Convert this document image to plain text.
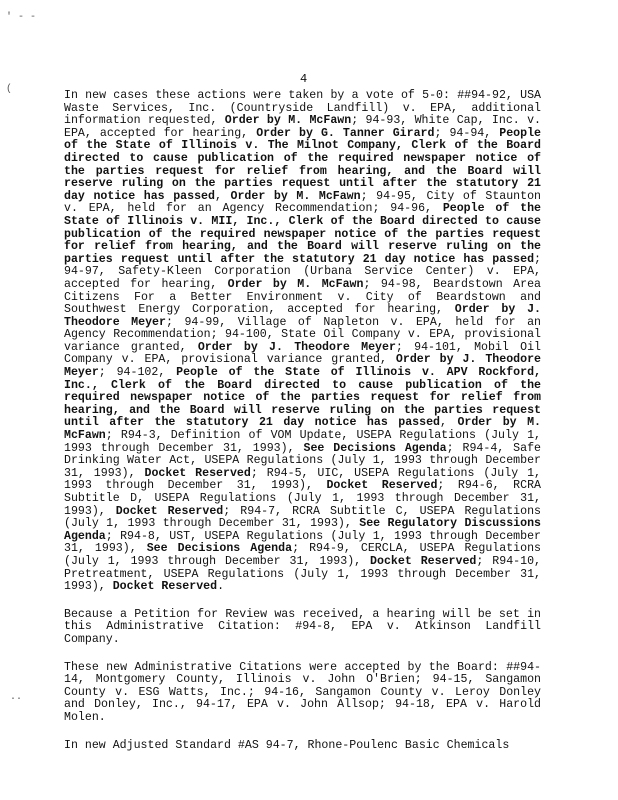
' - -
(
..
4

In new cases these actions were taken by a vote of 5-0: ##94-92, USA Waste Services, Inc. (Countryside Landfill) v. EPA, additional information requested, Order by M. McFawn; 94-93, White Cap, Inc. v. EPA, accepted for hearing, Order by G. Tanner Girard; 94-94, People of the State of Illinois v. The Milnot Company, Clerk of the Board directed to cause publication of the required newspaper notice of the parties request for relief from hearing, and the Board will reserve ruling on the parties request until after the statutory 21 day notice has passed, Order by M. McFawn; 94-95, City of Staunton v. EPA, held for an Agency Recommendation; 94-96, People of the State of Illinois v. MII, Inc., Clerk of the Board directed to cause publication of the required newspaper notice of the parties request for relief from hearing, and the Board will reserve ruling on the parties request until after the statutory 21 day notice has passed; 94-97, Safety-Kleen Corporation (Urbana Service Center) v. EPA, accepted for hearing, Order by M. McFawn; 94-98, Beardstown Area Citizens For a Better Environment v. City of Beardstown and Southwest Energy Corporation, accepted for hearing, Order by J. Theodore Meyer; 94-99, Village of Napleton v. EPA, held for an Agency Recommendation; 94-100, State Oil Company v. EPA, provisional variance granted, Order by J. Theodore Meyer; 94-101, Mobil Oil Company v. EPA, provisional variance granted, Order by J. Theodore Meyer; 94-102, People of the State of Illinois v. APV Rockford, Inc., Clerk of the Board directed to cause publication of the required newspaper notice of the parties request for relief from hearing, and the Board will reserve ruling on the parties request until after the statutory 21 day notice has passed, Order by M. McFawn; R94-3, Definition of VOM Update, USEPA Regulations (July 1, 1993 through December 31, 1993), See Decisions Agenda; R94-4, Safe Drinking Water Act, USEPA Regulations (July 1, 1993 through December 31, 1993), Docket Reserved; R94-5, UIC, USEPA Regulations (July 1, 1993 through December 31, 1993), Docket Reserved; R94-6, RCRA Subtitle D, USEPA Regulations (July 1, 1993 through December 31, 1993), Docket Reserved; R94-7, RCRA Subtitle C, USEPA Regulations (July 1, 1993 through December 31, 1993), See Regulatory Discussions Agenda; R94-8, UST, USEPA Regulations (July 1, 1993 through December 31, 1993), See Decisions Agenda; R94-9, CERCLA, USEPA Regulations (July 1, 1993 through December 31, 1993), Docket Reserved; R94-10, Pretreatment, USEPA Regulations (July 1, 1993 through December 31, 1993), Docket Reserved.

Because a Petition for Review was received, a hearing will be set in this Administrative Citation: #94-8, EPA v. Atkinson Landfill Company.

These new Administrative Citations were accepted by the Board: ##94-14, Montgomery County, Illinois v. John O'Brien; 94-15, Sangamon County v. ESG Watts, Inc.; 94-16, Sangamon County v. Leroy Donley and Donley, Inc., 94-17, EPA v. John Allsop; 94-18, EPA v. Harold Molen.

In new Adjusted Standard #AS 94-7, Rhone-Poulenc Basic Chemicals
